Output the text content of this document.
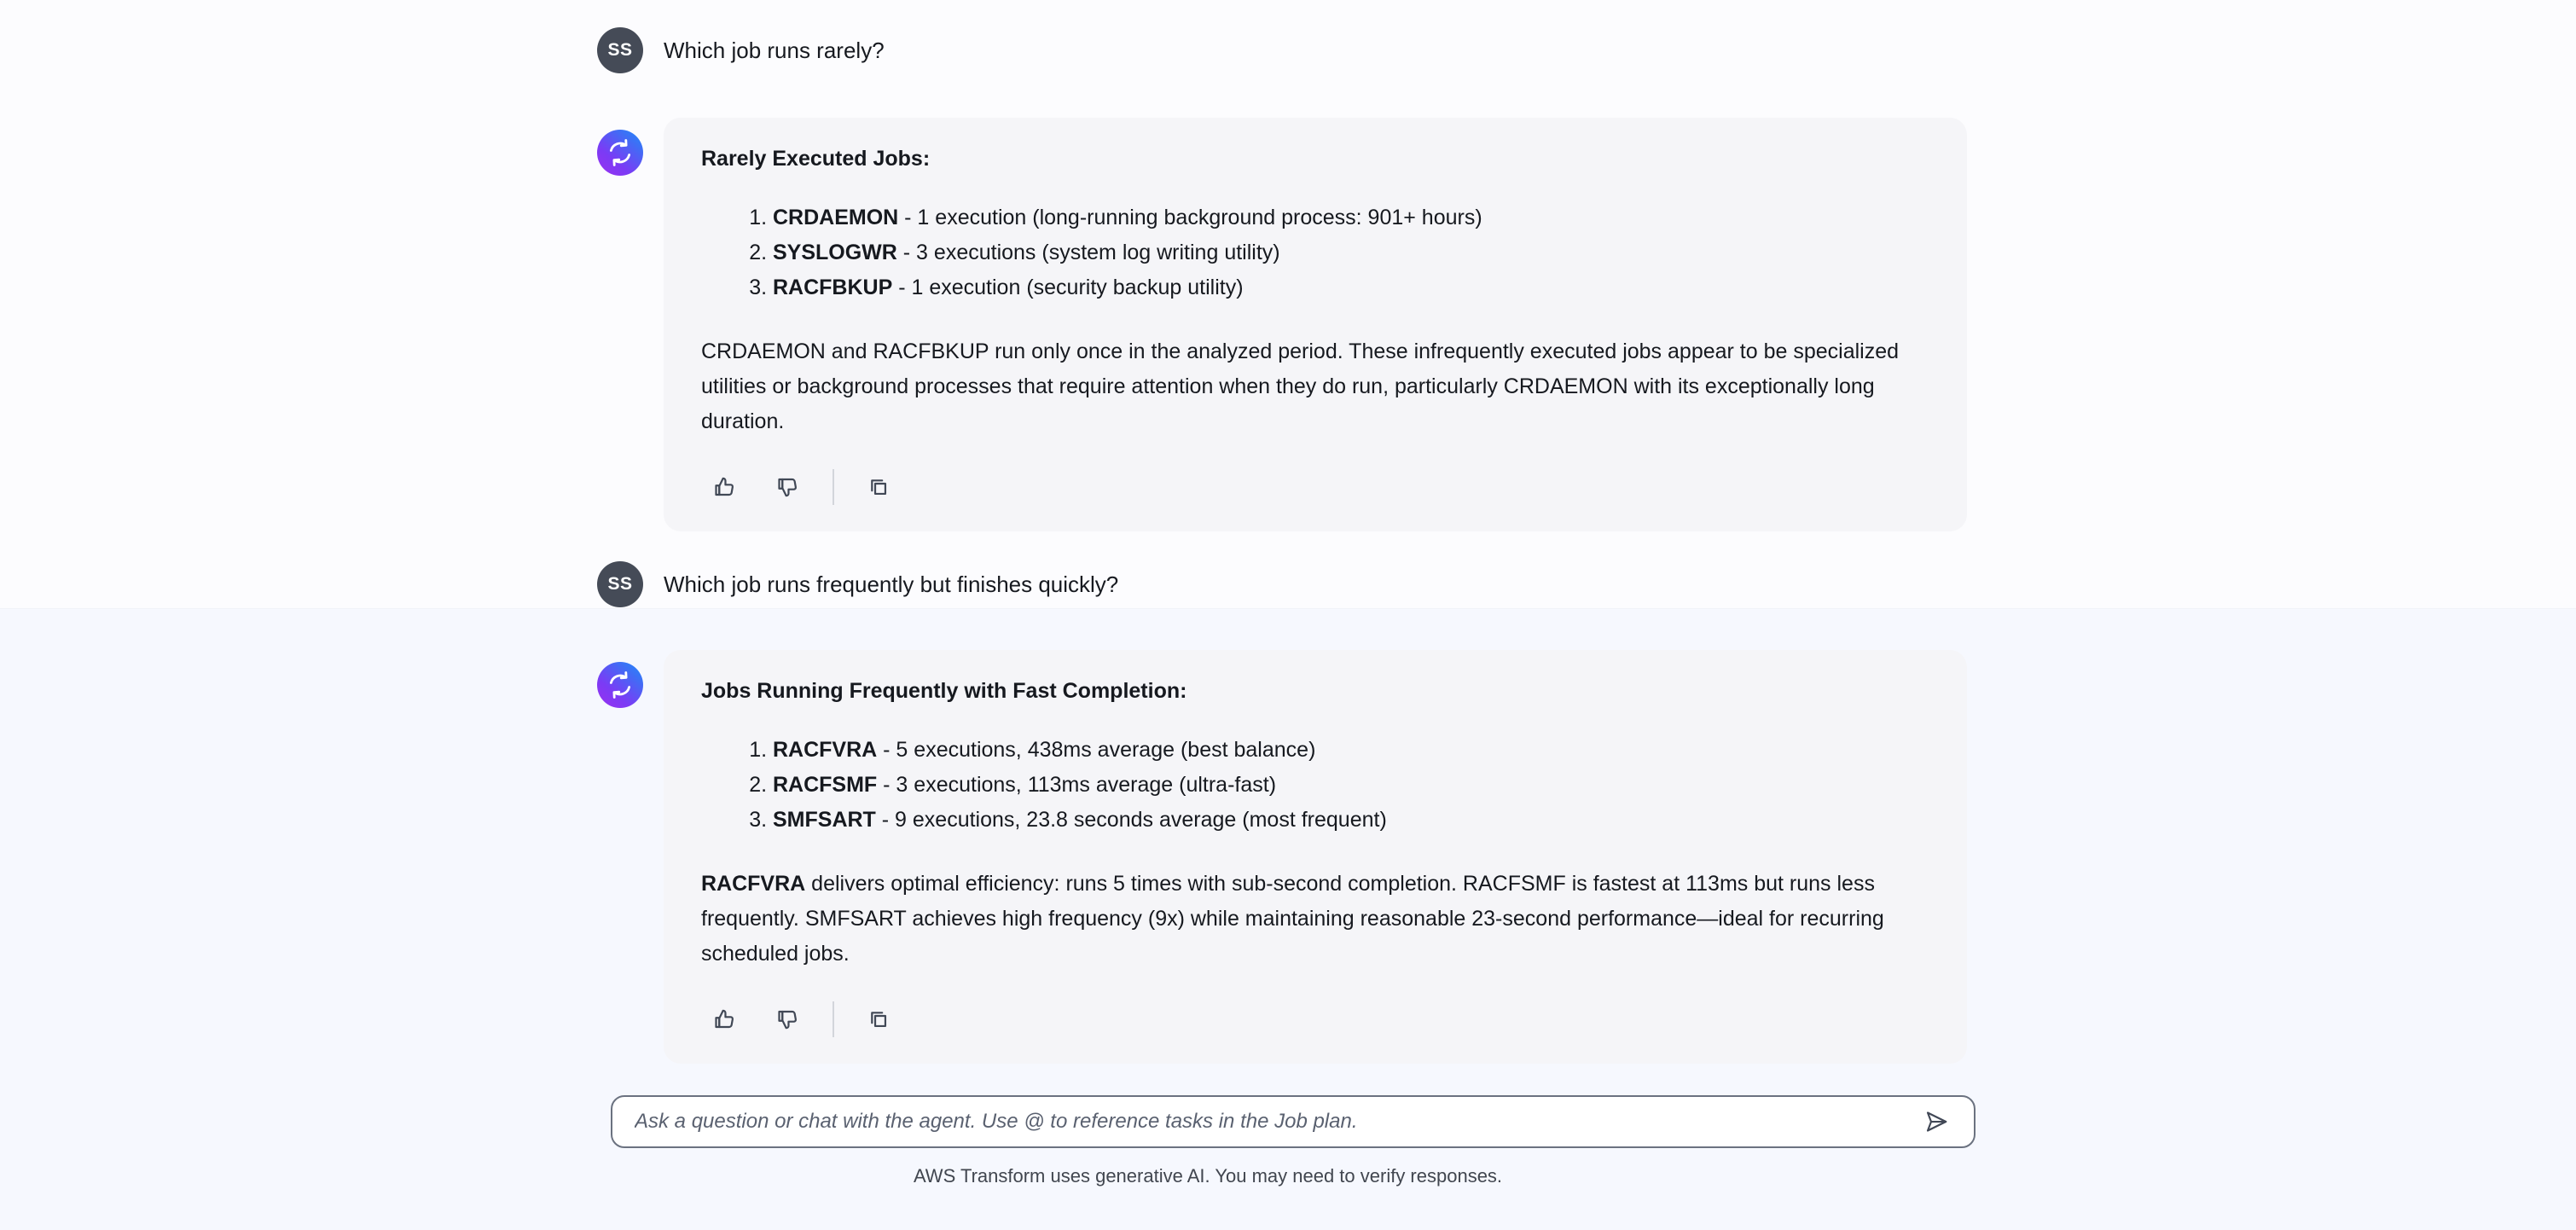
SS	Which job runs rarely?
Rarely Executed Jobs:
1. CRDAEMON - 1 execution (long-running background process: 901+ hours)
2. SYSLOGWR - 3 executions (system log writing utility)
3. RACFBKUP - 1 execution (security backup utility)
CRDAEMON and RACFBKUP run only once in the analyzed period. These infrequently executed jobs appear to be specialized utilities or background processes that require attention when they do run, particularly CRDAEMON with its exceptionally long duration.
SS	Which job runs frequently but finishes quickly?
Jobs Running Frequently with Fast Completion:
1. RACFVRA - 5 executions, 438ms average (best balance)
2. RACFSMF - 3 executions, 113ms average (ultra-fast)
3. SMFSART - 9 executions, 23.8 seconds average (most frequent)
RACFVRA delivers optimal efficiency: runs 5 times with sub-second completion. RACFSMF is fastest at 113ms but runs less frequently. SMFSART achieves high frequency (9x) while maintaining reasonable 23-second performance—ideal for recurring scheduled jobs.
Ask a question or chat with the agent. Use @ to reference tasks in the Job plan.
AWS Transform uses generative AI. You may need to verify responses.
